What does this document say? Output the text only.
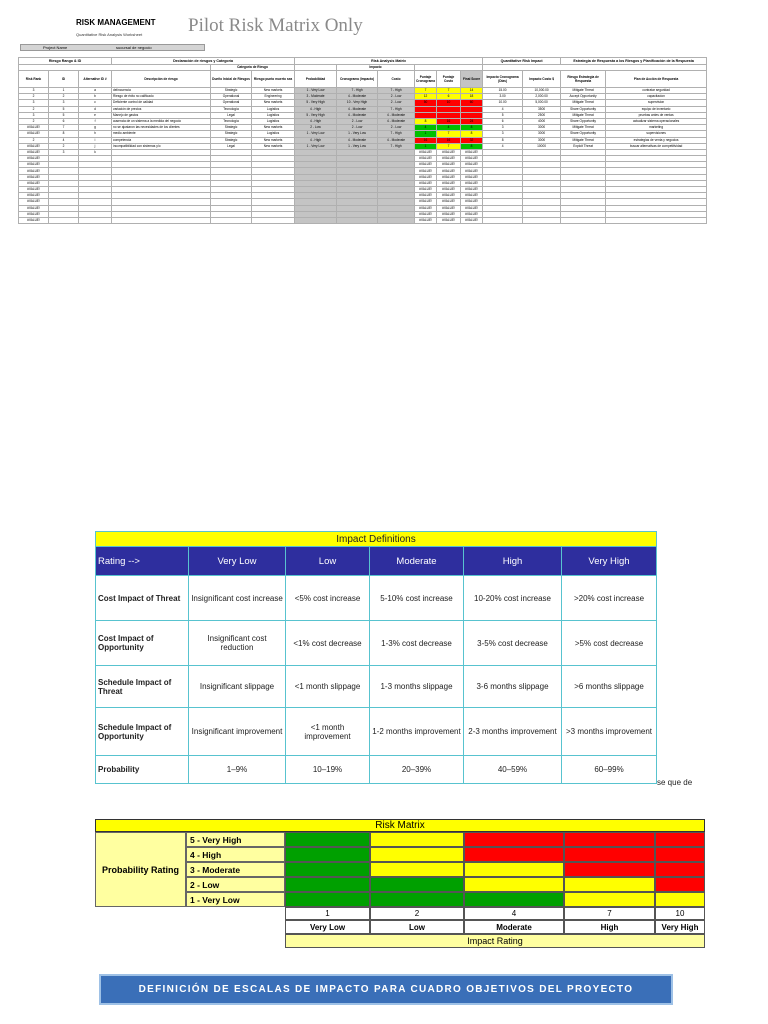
RISK MANAGEMENT
Quantitative Risk Analysis Worksheet Pilot Risk Matrix Only
Project Name	sucursal de negocio
Riesgo Rango & ID			Declaración de riesgos y Categoría			Risk Analysis Matrix						Quantitative Risk Impact		Estrategia de Respuesta a los Riesgos y Planificación de la Respuesta	
				Categoría de Riesgo			Impacto								
Risk Rank	ID	Alternative ID #	Descripción de riesgo	Dueño Inicial de Riesgos	Riesgo punto muerto sea	Probabilidad	Cronograma (Impacto)	Costo	Puntaje Cronograma	Puntaje Costo	Final Score	Impacto Cronograma (Días)	Impacto Costo $	Riesgo Estrategia de Respuesta	Plan de Acción de Respuesta
3	1	a	delincuencia	Strategic	New markets	1 - Very Low	7 - High	7 - High	7	7	14	15.00	10,000.00	Mitigate Threat	contratar seguridad
2	2	b	Riesgo de éxito no calificado	Operational	Engineering	3 - Moderate	4 - Moderate	2 - Low	12	6	18	3.00	2,000.00	Accept Opportunity	capacitacion
3	3	c	Deficiente control de calidad	Operational	New markets	5 - Very High	10 - Very High	2 - Low	50	10	60	10.00	5,000.00	Mitigate Threat	supervision
2	5	d	variación de precios	Tecnología	Logistics	4 - High	4 - Moderate	7 - High				4	3500	Share Opportunity	equipo de inventario
3	5	e	Manejo de gastos	Legal	Logistics	5 - Very High	4 - Moderate	4 - Moderate				5	2500	Mitigate Threat	pruebas antes de ventas
2	6	f	ausencia de un sistema a la medida del negocio	Tecnología	Logistics	4 - High	2 - Low	4 - Moderate	8	16	24	6	4000	Share Opportunity	actualizar sistema operacionales
#VALUE!	7	g	no se ajustaron las necesidades de los clientes	Strategic	New markets	2 - Low	2 - Low	2 - Low	4	4	8	3	3000	Mitigate Threat	marketing
#VALUE!	8	h	medio ambiente	Strategic	Logistics	1 - Very Low	1 - Very Low	7 - High	1	7	8	3	3000	Share Opportunity	supervisiones
2	4	i	competencia	Strategic	New markets	4 - High	4 - Moderate	4 - Moderate	16	16	32	8	3000	Mitigate Threat	estrategias de venta y negocios
#VALUE!	2	j	incompatibilidad con sistemas y/o	Legal	New markets	1 - Very Low	1 - Very Low	7 - High	1	7	8	4	10000	Exploit Threat	buscar alternativas de competitividad
#VALUE!	3	k							#VALUE!	#VALUE!	#VALUE!				
#VALUE!									#VALUE!	#VALUE!	#VALUE!				
#VALUE!									#VALUE!	#VALUE!	#VALUE!				
#VALUE!									#VALUE!	#VALUE!	#VALUE!				
#VALUE!									#VALUE!	#VALUE!	#VALUE!				
#VALUE!									#VALUE!	#VALUE!	#VALUE!				
#VALUE!									#VALUE!	#VALUE!	#VALUE!				
#VALUE!									#VALUE!	#VALUE!	#VALUE!				
#VALUE!									#VALUE!	#VALUE!	#VALUE!				
#VALUE!									#VALUE!	#VALUE!	#VALUE!				
#VALUE!									#VALUE!	#VALUE!	#VALUE!				
#VALUE!									#VALUE!	#VALUE!	#VALUE!				
Impact Definitions					
Rating -->	Very Low	Low	Moderate	High	Very High
Cost Impact of Threat	Insignificant cost increase	<5% cost increase	5-10% cost increase	10-20% cost increase	>20% cost increase
Cost Impact of Opportunity	Insignificant cost reduction	<1% cost decrease	1-3% cost decrease	3-5% cost decrease	>5% cost decrease
Schedule Impact of Threat	Insignificant slippage	<1 month slippage	1-3 months slippage	3-6 months slippage	>6 months slippage
Schedule Impact of Opportunity	Insignificant improvement	<1 month improvement	1-2 months improvement	2-3 months improvement	>3 months improvement
Probability	1–9%	10–19%	20–39%	40–59%	60–99%
se que de
Risk Matrix
Probability Rating
5 - Very High
4 - High
3 - Moderate
2 - Low
1 - Very Low
1
Very Low
2
Low
4
Moderate
7
High
10
Very High
Impact Rating
DEFINICIÓN DE ESCALAS DE IMPACTO PARA CUADRO OBJETIVOS DEL PROYECTO
